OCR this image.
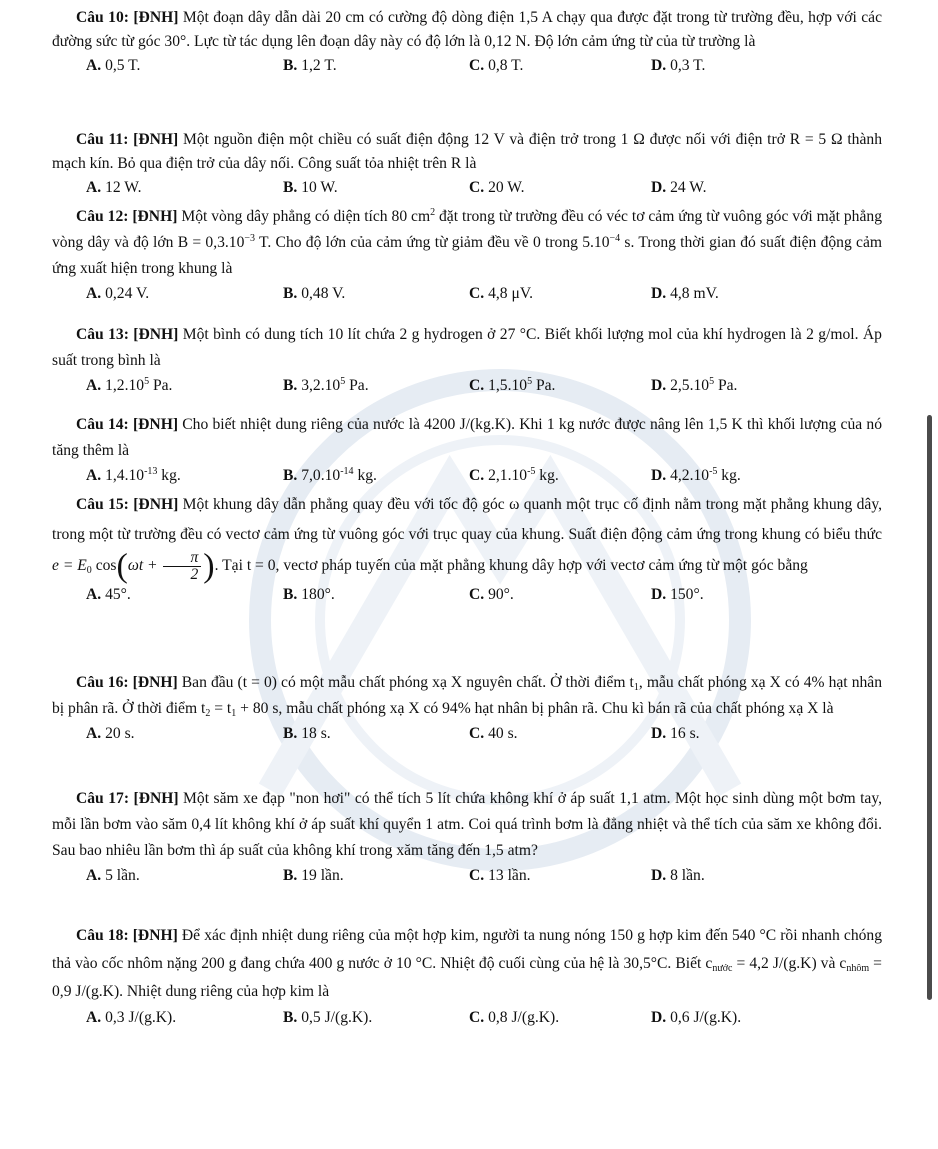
Câu 10: [ĐNH] Một đoạn dây dẫn dài 20 cm có cường độ dòng điện 1,5 A chạy qua được đặt trong từ trường đều, hợp với các đường sức từ góc 30°. Lực từ tác dụng lên đoạn dây này có độ lớn là 0,12 N. Độ lớn cảm ứng từ của từ trường là
A. 0,5 T.	B. 1,2 T.	C. 0,8 T.	D. 0,3 T.
Câu 11: [ĐNH] Một nguồn điện một chiều có suất điện động 12 V và điện trở trong 1 Ω được nối với điện trở R = 5 Ω thành mạch kín. Bỏ qua điện trở của dây nối. Công suất tỏa nhiệt trên R là
A. 12 W.	B. 10 W.	C. 20 W.	D. 24 W.
Câu 12: [ĐNH] Một vòng dây phẳng có diện tích 80 $cm^2$ đặt trong từ trường đều có véc tơ cảm ứng từ vuông góc với mặt phẳng vòng dây và độ lớn $B = 0,3.10^{-3}$ T. Cho độ lớn của cảm ứng từ giảm đều về 0 trong $5.10^{-4}$ s. Trong thời gian đó suất điện động cảm ứng xuất hiện trong khung là
A. 0,24 V.	B. 0,48 V.	C. 4,8 μV.	D. 4,8 mV.
Câu 13: [ĐNH] Một bình có dung tích 10 lít chứa 2 g hydrogen ở 27 °C. Biết khối lượng mol của khí hydrogen là 2 g/mol. Áp suất trong bình là
A. 1,2.10$^5$ Pa.	B. 3,2.10$^5$ Pa.	C. 1,5.10$^5$ Pa.	D. 2,5.10$^5$ Pa.
Câu 14: [ĐNH] Cho biết nhiệt dung riêng của nước là 4200 J/(kg.K). Khi 1 kg nước được nâng lên 1,5 K thì khối lượng của nó tăng thêm là
A. $1,4.10^{-13}$ kg.	B. $7,0.10^{-14}$ kg.	C. $2,1.10^{-5}$ kg.	D. $4,2.10^{-5}$ kg.
Câu 15: [ĐNH] Một khung dây dẫn phẳng quay đều với tốc độ góc ω quanh một trục cố định nằm trong mặt phẳng khung dây, trong một từ trường đều có vectơ cảm ứng từ vuông góc với trục quay của khung. Suất điện động cảm ứng trong khung có biểu thức $e = E_0$ $\cos(\omega t + \frac{\pi}{2}$ ). Tại t = 0, vectơ pháp tuyến của mặt phẳng khung dây hợp với vectơ cảm ứng từ một góc bằng
A. 45°.	B. 180°.	C. 90°.	D. 150°.
Câu 16: [ĐNH] Ban đầu (t = 0) có một mẫu chất phóng xạ X nguyên chất. Ở thời điểm $t_1$, mẫu chất phóng xạ X có 4% hạt nhân bị phân rã. Ở thời điểm $t_2 = t_1 + 80$ s, mẫu chất phóng xạ X có 94% hạt nhân bị phân rã. Chu kì bán rã của chất phóng xạ X là
A. 20 s.	B. 18 s.	C. 40 s.	D. 16 s.
Câu 17: [ĐNH] Một săm xe đạp "non hơi" có thể tích 5 lít chứa không khí ở áp suất 1,1 atm. Một học sinh dùng một bơm tay, mỗi lần bơm vào săm 0,4 lít không khí ở áp suất khí quyển 1 atm. Coi quá trình bơm là đẳng nhiệt và thể tích của săm xe không đổi. Sau bao nhiêu lần bơm thì áp suất của không khí trong xăm tăng đến 1,5 atm?
A. 5 lần.	B. 19 lần.	C. 13 lần.	D. 8 lần.
Câu 18: [ĐNH] Để xác định nhiệt dung riêng của một hợp kim, người ta nung nóng 150 g hợp kim đến 540 °C rồi nhanh chóng thả vào cốc nhôm nặng 200 g đang chứa 400 g nước ở 10 °C. Nhiệt độ cuối cùng của hệ là 30,5°C. Biết $c_{nước} = 4,2$ J/(g.K) và $c_{nhôm} = 0,9$ J/(g.K). Nhiệt dung riêng của hợp kim là
A. 0,3 J/(g.K).	B. 0,5 J/(g.K).	C. 0,8 J/(g.K).	D. 0,6 J/(g.K).
